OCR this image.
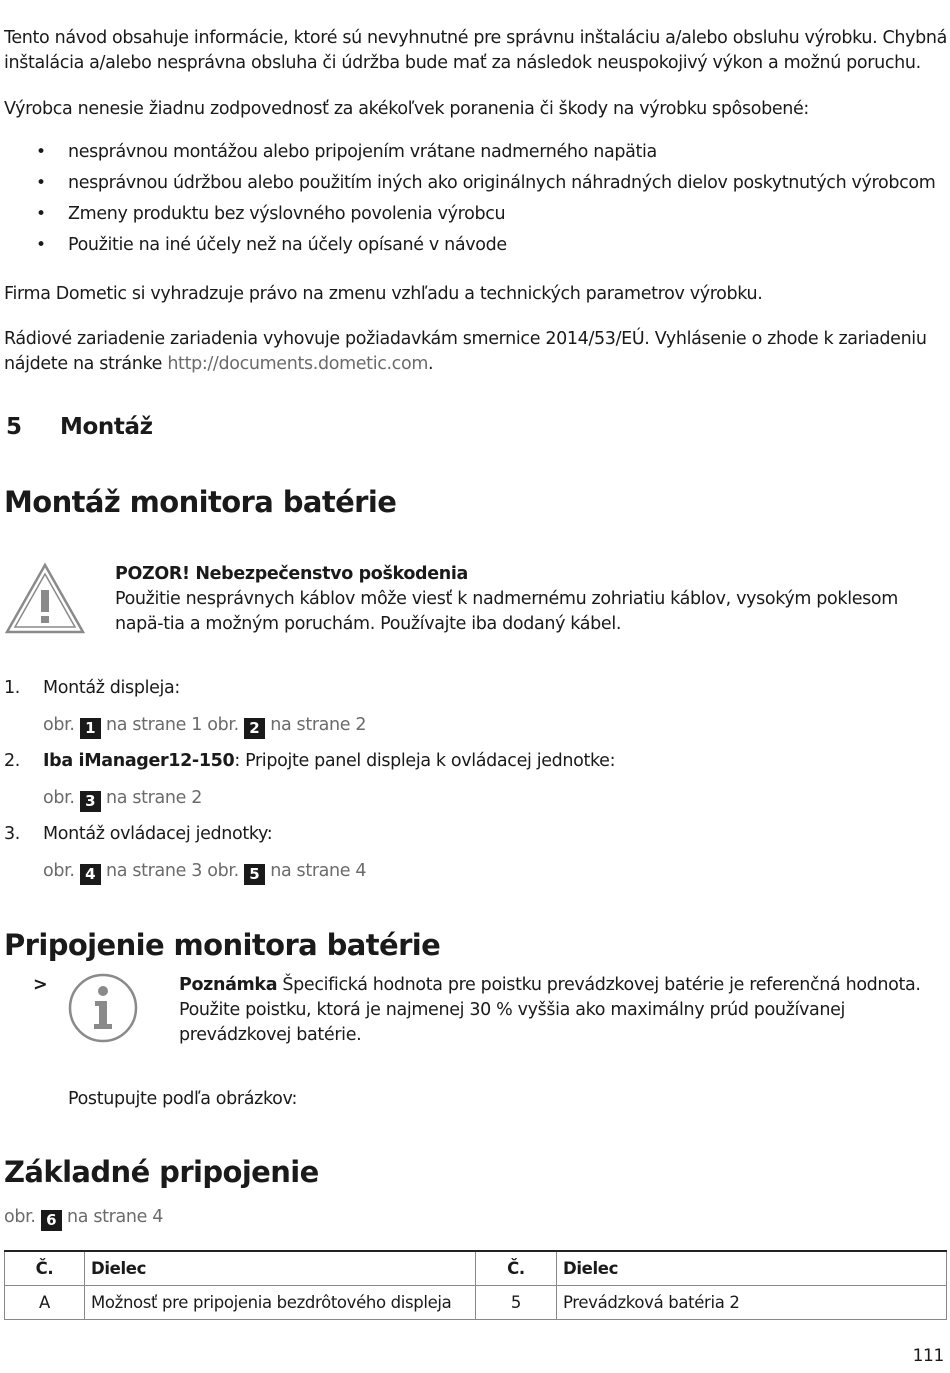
Tento návod obsahuje informácie, ktoré sú nevyhnutné pre správnu inštaláciu a/alebo obsluhu výrobku. Chybná inštalácia a/alebo nesprávna obsluha či údržba bude mať za následok neuspokojivý výkon a možnú poruchu.

Výrobca nenesie žiadnu zodpovednosť za akékoľvek poranenia či škody na výrobku spôsobené:

• nesprávnou montážou alebo pripojením vrátane nadmerného napätia
• nesprávnou údržbou alebo použitím iných ako originálnych náhradných dielov poskytnutých výrobcom
• Zmeny produktu bez výslovného povolenia výrobcu
• Použitie na iné účely než na účely opísané v návode

Firma Dometic si vyhradzuje právo na zmenu vzhľadu a technických parametrov výrobku.

Rádiové zariadenie zariadenia vyhovuje požiadavkám smernice 2014/53/EÚ. Vyhlásenie o zhode k zariadeniu nájdete na stránke http://documents.dometic.com.

5 Montáž
Montáž monitora batérie
POZOR! Nebezpečenstvo poškodenia
Použitie nesprávnych káblov môže viesť k nadmernému zohriatiu káblov, vysokým poklesom napä-tia a možným poruchám. Používajte iba dodaný kábel.
1. Montáž displeja:
obr. 1 na strane 1 obr. 2 na strane 2
2. Iba iManager12-150: Pripojte panel displeja k ovládacej jednotke:
obr. 3 na strane 2
3. Montáž ovládacej jednotky:
obr. 4 na strane 3 obr. 5 na strane 4
Pripojenie monitora batérie
>	Poznámka Špecifická hodnota pre poistku prevádzkovej batérie je referenčná hodnota. Použite poistku, ktorá je najmenej 30 % vyššia ako maximálny prúd používanej prevádzkovej batérie.
Postupujte podľa obrázkov:
Základné pripojenie
obr. 6 na strane 4
Č.	Dielec	Č.	Dielec
A	Možnosť pre pripojenia bezdrôtového displeja	5	Prevádzková batéria 2
111
